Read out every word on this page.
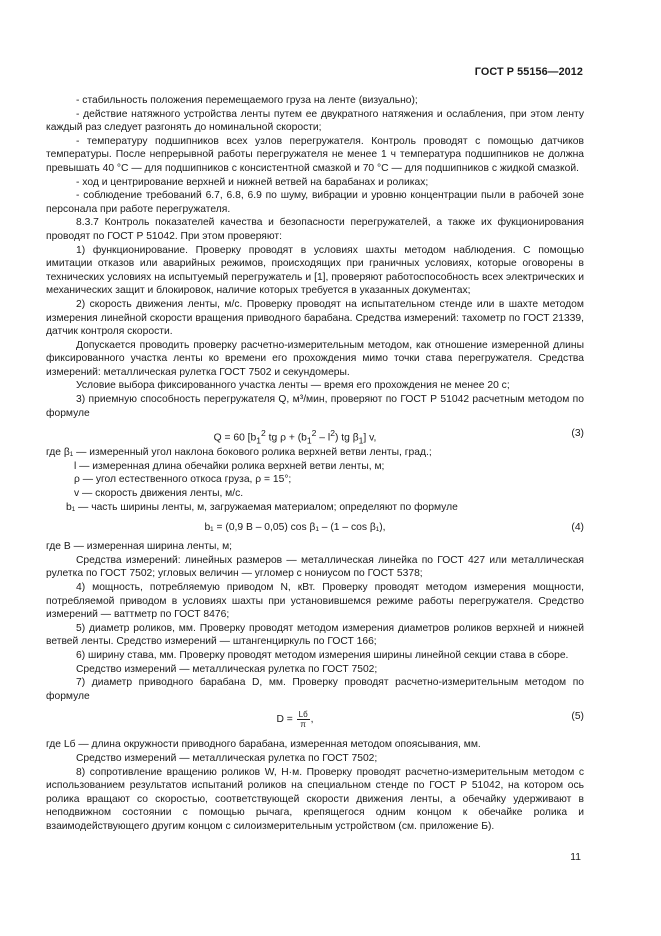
ГОСТ Р 55156—2012

- стабильность положения перемещаемого груза на ленте (визуально);

- действие натяжного устройства ленты путем ее двукратного натяжения и ослабления, при этом ленту каждый раз следует разгонять до номинальной скорости;

- температуру подшипников всех узлов перегружателя. Контроль проводят с помощью датчиков температуры. После непрерывной работы перегружателя не менее 1 ч температура подшипников не должна превышать 40 °C — для подшипников с консистентной смазкой и 70 °C — для подшипников с жидкой смазкой.

- ход и центрирование верхней и нижней ветвей на барабанах и роликах;

- соблюдение требований 6.7, 6.8, 6.9 по шуму, вибрации и уровню концентрации пыли в рабочей зоне персонала при работе перегружателя.

8.3.7 Контроль показателей качества и безопасности перегружателей, а также их фукционирования проводят по ГОСТ Р 51042. При этом проверяют:

1) функционирование. Проверку проводят в условиях шахты методом наблюдения. С помощью имитации отказов или аварийных режимов, происходящих при граничных условиях, которые оговорены в технических условиях на испытуемый перегружатель и [1], проверяют работоспособность всех электрических и механических защит и блокировок, наличие которых требуется в указанных документах;

2) скорость движения ленты, м/с. Проверку проводят на испытательном стенде или в шахте методом измерения линейной скорости вращения приводного барабана. Средства измерений: тахометр по ГОСТ 21339, датчик контроля скорости.

Допускается проводить проверку расчетно-измерительным методом, как отношение измеренной длины фиксированного участка ленты ко времени его прохождения мимо точки става перегружателя. Средства измерений: металлическая рулетка ГОСТ 7502 и секундомеры.

Условие выбора фиксированного участка ленты — время его прохождения не менее 20 с;

3) приемную способность перегружателя Q, м³/мин, проверяют по ГОСТ Р 51042 расчетным методом по формуле

Q = 60 [$b_1^2$ tg $\rho + (b_1^2 - l^2)$ tg $\beta_1$] v,	(3)

где β₁ — измеренный угол наклона бокового ролика верхней ветви ленты, град.;

l — измеренная длина обечайки ролика верхней ветви ленты, м;

ρ — угол естественного откоса груза, ρ = 15°;

v — скорость движения ленты, м/с.

b₁ — часть ширины ленты, м, загружаемая материалом; определяют по формуле

b₁ = (0,9 B – 0,05) cos β₁ – (1 – cos β₁),	(4)

где B — измеренная ширина ленты, м;

Средства измерений: линейных размеров — металлическая линейка по ГОСТ 427 или металлическая рулетка по ГОСТ 7502; угловых величин — угломер с нониусом по ГОСТ 5378;

4) мощность, потребляемую приводом N, кВт. Проверку проводят методом измерения мощности, потребляемой приводом в условиях шахты при установившемся режиме работы перегружателя. Средство измерений — ваттметр по ГОСТ 8476;

5) диаметр роликов, мм. Проверку проводят методом измерения диаметров роликов верхней и нижней ветвей ленты. Средство измерений — штангенциркуль по ГОСТ 166;

6) ширину става, мм. Проверку проводят методом измерения ширины линейной секции става в сборе.

Средство измерений — металлическая рулетка по ГОСТ 7502;

7) диаметр приводного барабана D, мм. Проверку проводят расчетно-измерительным методом по формуле

$D = \frac{Lб}{\pi}$ ,	(5)

где Lб — длина окружности приводного барабана, измеренная методом опоясывания, мм.

Средство измерений — металлическая рулетка по ГОСТ 7502;

8) сопротивление вращению роликов W, Н·м. Проверку проводят расчетно-измерительным методом с использованием результатов испытаний роликов на специальном стенде по ГОСТ Р 51042, на котором ось ролика вращают со скоростью, соответствующей скорости движения ленты, а обечайку удерживают в неподвижном состоянии с помощью рычага, крепящегося одним концом к обечайке ролика и взаимодействующего другим концом с силоизмерительным устройством (см. приложение Б).

11
